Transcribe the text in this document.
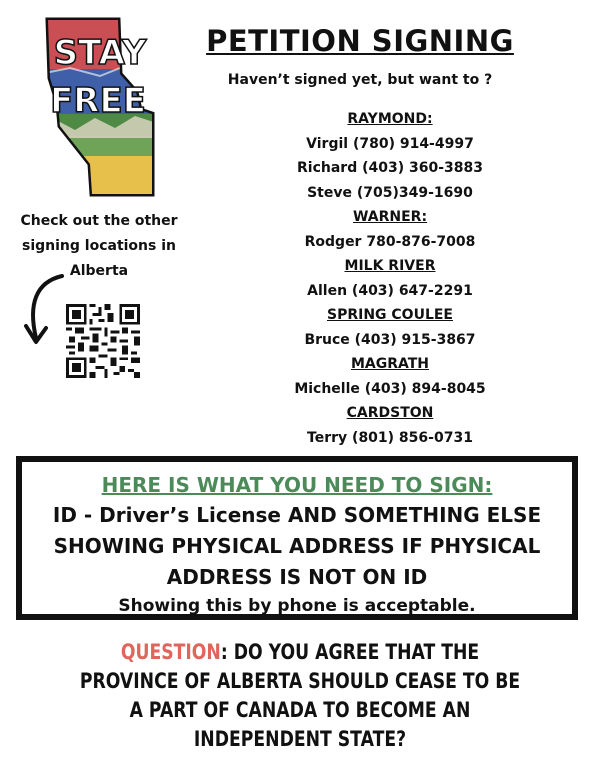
STAY
FREE
PETITION SIGNING
Haven’t signed yet, but want to ?
Check out the other
signing locations in
Alberta
RAYMOND:
Virgil (780) 914-4997
Richard (403) 360-3883
Steve (705)349-1690
WARNER:
Rodger 780-876-7008
MILK RIVER
Allen (403) 647-2291
SPRING COULEE
Bruce (403) 915-3867
MAGRATH
Michelle (403) 894-8045
CARDSTON
Terry (801) 856-0731
HERE IS WHAT YOU NEED TO SIGN:
ID - Driver’s License AND SOMETHING ELSE
SHOWING PHYSICAL ADDRESS IF PHYSICAL
ADDRESS IS NOT ON ID
Showing this by phone is acceptable.
QUESTION: DO YOU AGREE THAT THE PROVINCE OF ALBERTA SHOULD CEASE TO BE A PART OF CANADA TO BECOME AN INDEPENDENT STATE?
